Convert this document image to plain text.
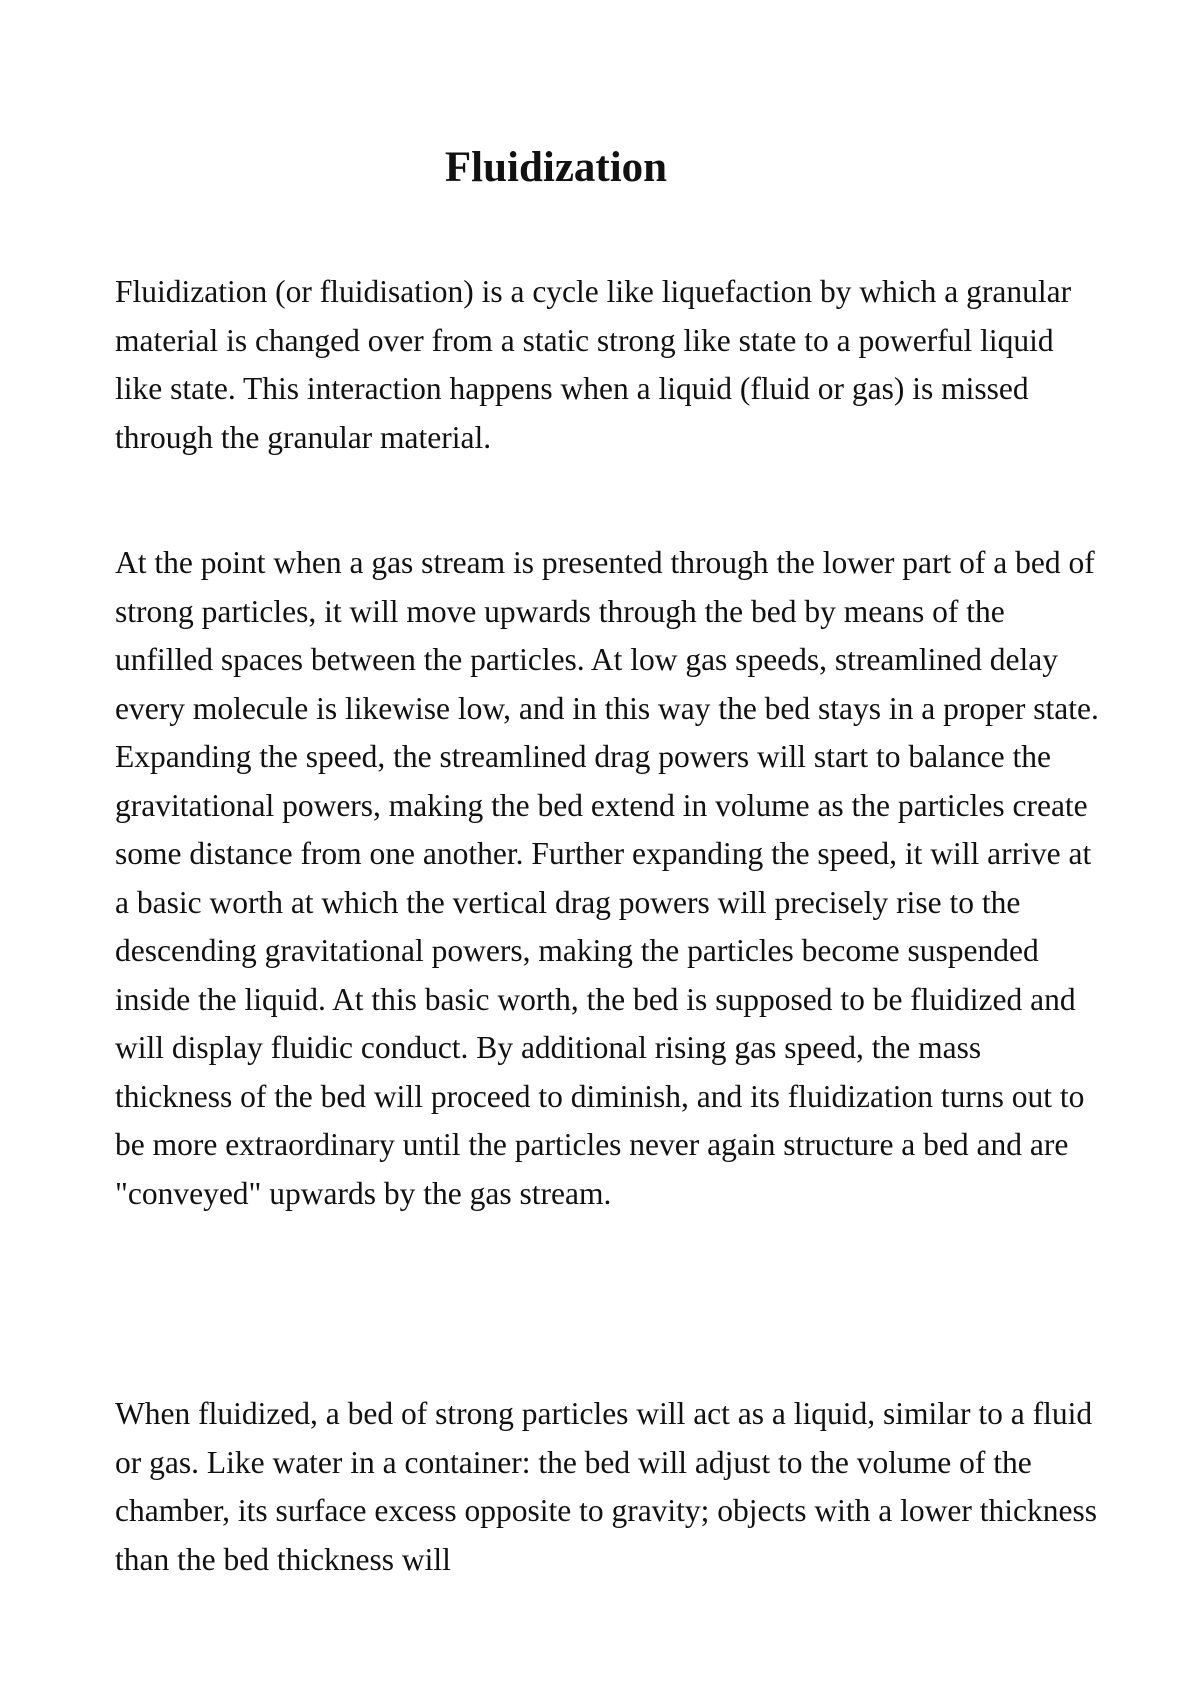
Fluidization

Fluidization (or fluidisation) is a cycle like liquefaction by which a granular material is changed over from a static strong like state to a powerful liquid like state. This interaction happens when a liquid (fluid or gas) is missed through the granular material.

At the point when a gas stream is presented through the lower part of a bed of strong particles, it will move upwards through the bed by means of the unfilled spaces between the particles. At low gas speeds, streamlined delay every molecule is likewise low, and in this way the bed stays in a proper state. Expanding the speed, the streamlined drag powers will start to balance the gravitational powers, making the bed extend in volume as the particles create some distance from one another. Further expanding the speed, it will arrive at a basic worth at which the vertical drag powers will precisely rise to the descending gravitational powers, making the particles become suspended inside the liquid. At this basic worth, the bed is supposed to be fluidized and will display fluidic conduct. By additional rising gas speed, the mass thickness of the bed will proceed to diminish, and its fluidization turns out to be more extraordinary until the particles never again structure a bed and are "conveyed" upwards by the gas stream.

When fluidized, a bed of strong particles will act as a liquid, similar to a fluid or gas. Like water in a container: the bed will adjust to the volume of the chamber, its surface excess opposite to gravity; objects with a lower thickness than the bed thickness will
